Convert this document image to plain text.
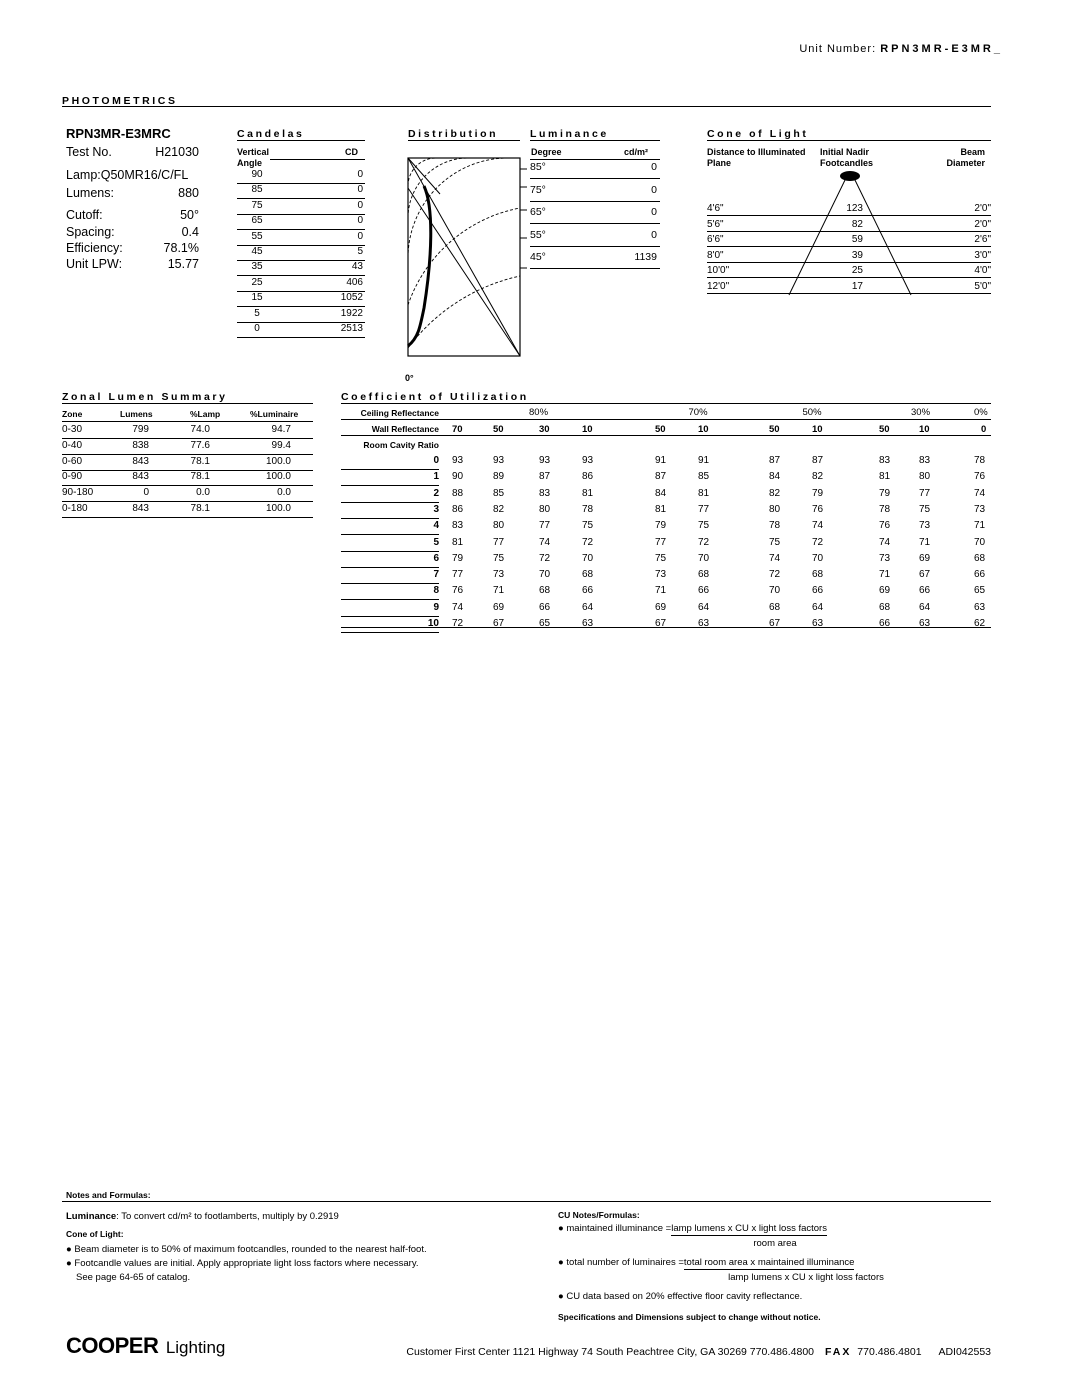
Unit Number: RPN3MR-E3MR_
PHOTOMETRICS
RPN3MR-E3MRC
Test No.	H21030
Lamp:Q50MR16/C/FL
Lumens:	880
Cutoff:	50°
Spacing:	0.4
Efficiency:	78.1%
Unit LPW:	15.77
Candelas
Vertical Angle
CD
90	0
85	0
75	0
65	0
55	0
45	5
35	43
25	406
15	1052
5	1922
0	2513
Distribution
0°
Luminance
Degree	cd/m²
85°	0
75°	0
65°	0
55°	0
45°	1139
Cone of Light
Distance to Illuminated Plane
Initial Nadir Footcandles
Beam Diameter
4'6"	123	2'0"
5'6"	82	2'0"
6'6"	59	2'6"
8'0"	39	3'0"
10'0"	25	4'0"
12'0"	17	5'0"
Zonal Lumen Summary
Zone	Lumens	%Lamp	%Luminaire
0-30	799	74.0	94.7
0-40	838	77.6	99.4
0-60	843	78.1	100.0
0-90	843	78.1	100.0
90-180	0	0.0	0.0
0-180	843	78.1	100.0
Coefficient of Utilization
Ceiling Reflectance	80%	70%	50%	30%	0%
Wall Reflectance 70	50	30	10	50	10	50	10	50	10	0
Room Cavity Ratio
0 93	93	93	93	91	91	87	87	83	83	78
1 90	89	87	86	87	85	84	82	81	80	76
2 88	85	83	81	84	81	82	79	79	77	74
3 86	82	80	78	81	77	80	76	78	75	73
4 83	80	77	75	79	75	78	74	76	73	71
5 81	77	74	72	77	72	75	72	74	71	70
6 79	75	72	70	75	70	74	70	73	69	68
7 77	73	70	68	73	68	72	68	71	67	66
8 76	71	68	66	71	66	70	66	69	66	65
9 74	69	66	64	69	64	68	64	68	64	63
10 72	67	65	63	67	63	67	63	66	63	62
Notes and Formulas:
Luminance: To convert cd/m² to footlamberts, multiply by 0.2919
Cone of Light:
● Beam diameter is to 50% of maximum footcandles, rounded to the nearest half-foot.
● Footcandle values are initial. Apply appropriate light loss factors where necessary.
See page 64-65 of catalog.
CU Notes/Formulas:
● maintained illuminance =lamp lumens x CU x light loss factors
room area
● total number of luminaires =total room area x maintained illuminance
lamp lumens x CU x light loss factors
● CU data based on 20% effective floor cavity reflectance.
Specifications and Dimensions subject to change without notice.
COOPER Lighting	Customer First Center 1121 Highway 74 South Peachtree City, GA 30269 770.486.4800 FAX 770.486.4801 ADI042553
